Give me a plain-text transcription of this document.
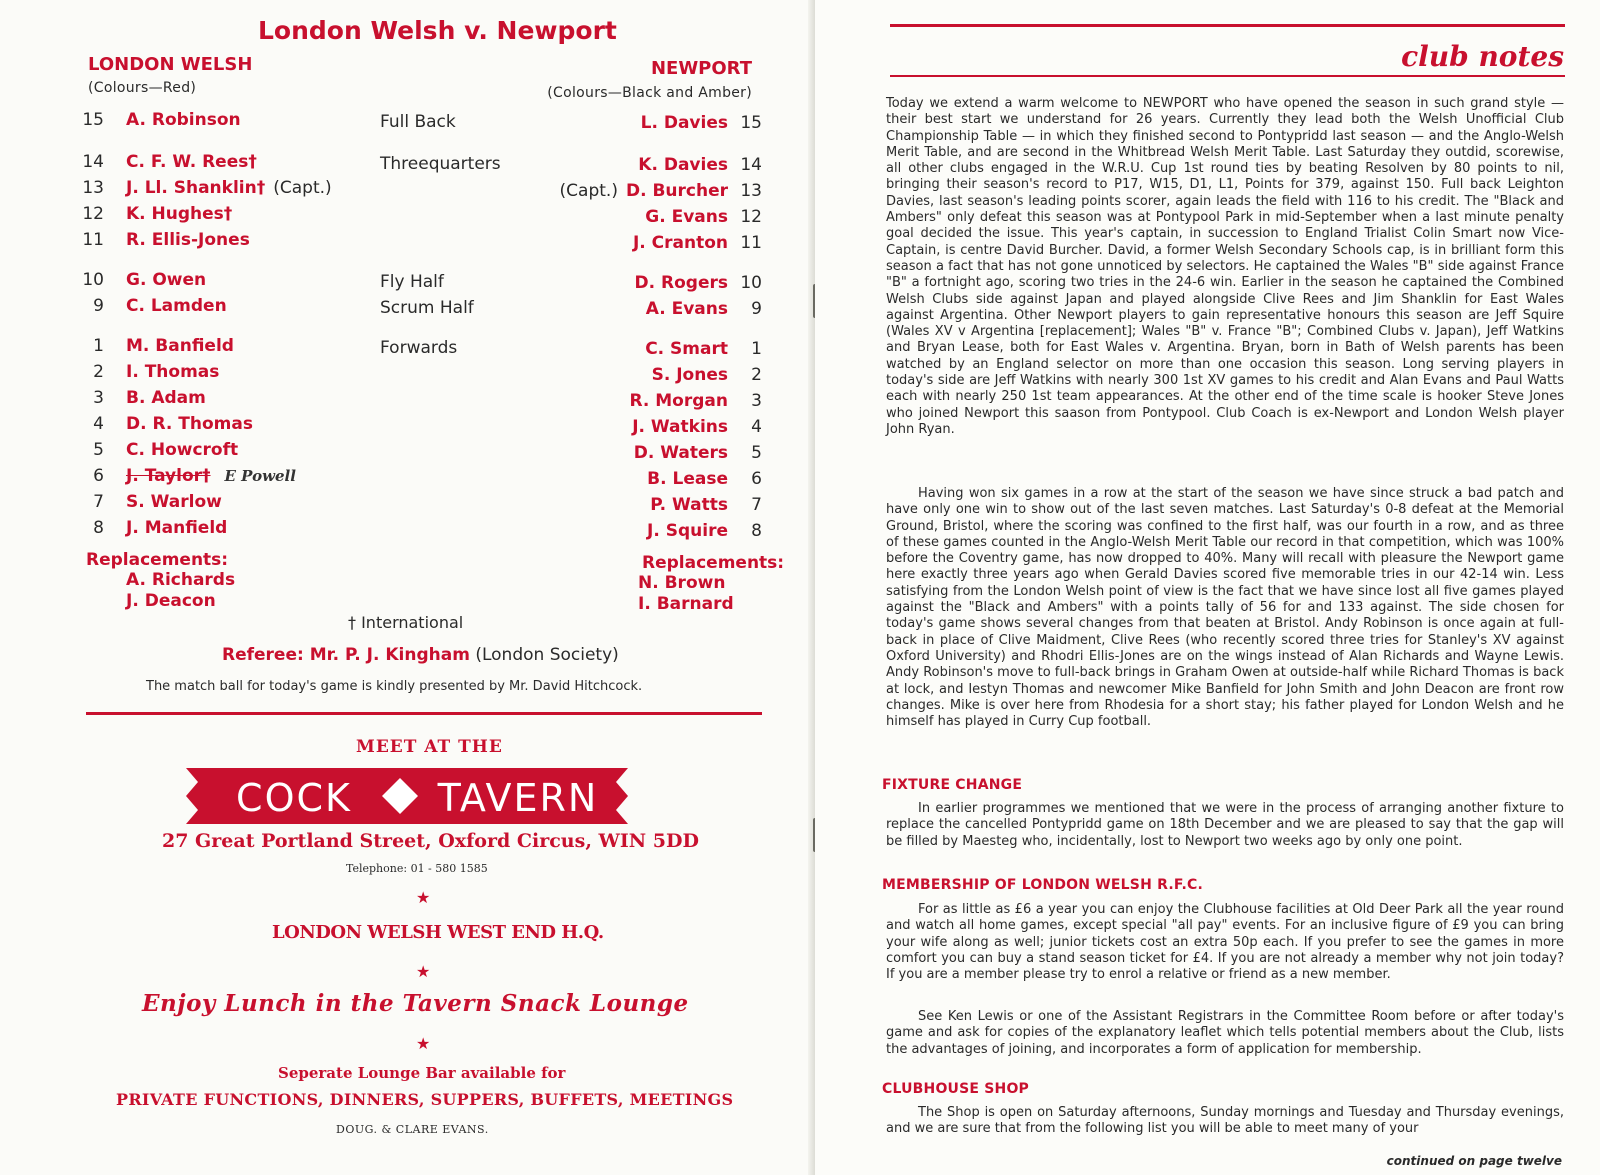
London Welsh v. Newport
LONDON WELSH
(Colours—Red)
NEWPORT
(Colours—Black and Amber)
15 A. Robinson	Full Back	L. Davies 15
14 C. F. W. Rees†	Threequarters	K. Davies 14
13 J. Ll. Shanklin† (Capt.)	(Capt.) D. Burcher 13
12 K. Hughes†	G. Evans 12
11 R. Ellis-Jones	J. Cranton 11
10 G. Owen	Fly Half	D. Rogers 10
9 C. Lamden	Scrum Half	A. Evans	9
1 M. Banfield	Forwards	C. Smart	1
2 I. Thomas	S. Jones	2
3 B. Adam	R. Morgan	3
4 D. R. Thomas	J. Watkins	4
5 C. Howcroft	D. Waters	5
6 J. Taylor† E Powell	B. Lease	6
7 S. Warlow	P. Watts	7
8 J. Manfield	J. Squire	8
Replacements:
A. Richards
J. Deacon
Replacements:
N. Brown
I. Barnard
† International
Referee: Mr. P. J. Kingham (London Society)
The match ball for today's game is kindly presented by Mr. David Hitchcock.
MEET AT THE
COCK TAVERN
27 Great Portland Street, Oxford Circus, WIN 5DD
Telephone: 01 - 580 1585
★
LONDON WELSH WEST END H.Q.
★
Enjoy Lunch in the Tavern Snack Lounge
★
Seperate Lounge Bar available for
PRIVATE FUNCTIONS, DINNERS, SUPPERS, BUFFETS, MEETINGS
DOUG. & CLARE EVANS.
club notes
Today we extend a warm welcome to NEWPORT who have opened the season in such grand style — their best start we understand for 26 years. Currently they lead both the Welsh Unofficial Club Championship Table — in which they finished second to Pontypridd last season — and the Anglo-Welsh Merit Table, and are second in the Whitbread Welsh Merit Table. Last Saturday they outdid, scorewise, all other clubs engaged in the W.R.U. Cup 1st round ties by beating Resolven by 80 points to nil, bringing their season's record to P17, W15, D1, L1, Points for 379, against 150. Full back Leighton Davies, last season's leading points scorer, again leads the field with 116 to his credit. The "Black and Ambers" only defeat this season was at Pontypool Park in mid-September when a last minute penalty goal decided the issue. This year's captain, in succession to England Trialist Colin Smart now Vice-Captain, is centre David Burcher. David, a former Welsh Secondary Schools cap, is in brilliant form this season a fact that has not gone unnoticed by selectors. He captained the Wales "B" side against France "B" a fortnight ago, scoring two tries in the 24-6 win. Earlier in the season he captained the Combined Welsh Clubs side against Japan and played alongside Clive Rees and Jim Shanklin for East Wales against Argentina. Other Newport players to gain representative honours this season are Jeff Squire (Wales XV v Argentina [replacement]; Wales "B" v. France "B"; Combined Clubs v. Japan), Jeff Watkins and Bryan Lease, both for East Wales v. Argentina. Bryan, born in Bath of Welsh parents has been watched by an England selector on more than one occasion this season. Long serving players in today's side are Jeff Watkins with nearly 300 1st XV games to his credit and Alan Evans and Paul Watts each with nearly 250 1st team appearances. At the other end of the time scale is hooker Steve Jones who joined Newport this saason from Pontypool. Club Coach is ex-Newport and London Welsh player John Ryan.
Having won six games in a row at the start of the season we have since struck a bad patch and have only one win to show out of the last seven matches. Last Saturday's 0-8 defeat at the Memorial Ground, Bristol, where the scoring was confined to the first half, was our fourth in a row, and as three of these games counted in the Anglo-Welsh Merit Table our record in that competition, which was 100% before the Coventry game, has now dropped to 40%. Many will recall with pleasure the Newport game here exactly three years ago when Gerald Davies scored five memorable tries in our 42-14 win. Less satisfying from the London Welsh point of view is the fact that we have since lost all five games played against the "Black and Ambers" with a points tally of 56 for and 133 against. The side chosen for today's game shows several changes from that beaten at Bristol. Andy Robinson is once again at full-back in place of Clive Maidment, Clive Rees (who recently scored three tries for Stanley's XV against Oxford University) and Rhodri Ellis-Jones are on the wings instead of Alan Richards and Wayne Lewis. Andy Robinson's move to full-back brings in Graham Owen at outside-half while Richard Thomas is back at lock, and Iestyn Thomas and newcomer Mike Banfield for John Smith and John Deacon are front row changes. Mike is over here from Rhodesia for a short stay; his father played for London Welsh and he himself has played in Curry Cup football.
FIXTURE CHANGE
In earlier programmes we mentioned that we were in the process of arranging another fixture to replace the cancelled Pontypridd game on 18th December and we are pleased to say that the gap will be filled by Maesteg who, incidentally, lost to Newport two weeks ago by only one point.
MEMBERSHIP OF LONDON WELSH R.F.C.
For as little as £6 a year you can enjoy the Clubhouse facilities at Old Deer Park all the year round and watch all home games, except special "all pay" events. For an inclusive figure of £9 you can bring your wife along as well; junior tickets cost an extra 50p each. If you prefer to see the games in more comfort you can buy a stand season ticket for £4. If you are not already a member why not join today? If you are a member please try to enrol a relative or friend as a new member.
See Ken Lewis or one of the Assistant Registrars in the Committee Room before or after today's game and ask for copies of the explanatory leaflet which tells potential members about the Club, lists the advantages of joining, and incorporates a form of application for membership.
CLUBHOUSE SHOP
The Shop is open on Saturday afternoons, Sunday mornings and Tuesday and Thursday evenings, and we are sure that from the following list you will be able to meet many of your
continued on page twelve
